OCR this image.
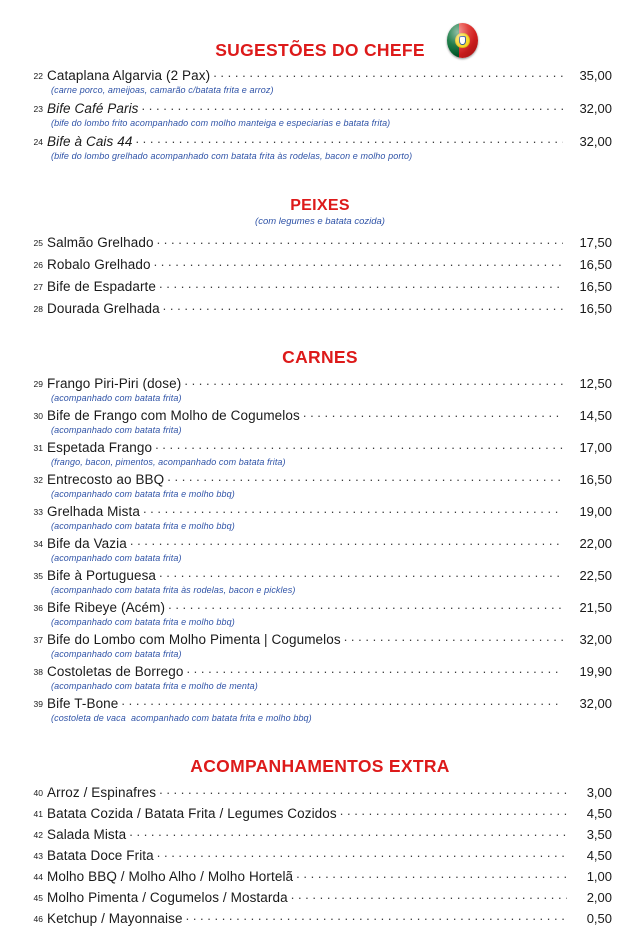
SUGESTÕES DO CHEFE
22 Cataplana Algarvia (2 Pax) . . .	35,00
(carne porco, ameijoas, camarão c/batata frita e arroz)
23 Bife Café Paris . . .	32,00
(bife do lombo frito acompanhado com molho manteiga e especiarias e batata frita)
24 Bife à Cais 44 . . .	32,00
(bife do lombo grelhado acompanhado com batata frita às rodelas, bacon e molho porto)
PEIXES
(com legumes e batata cozida)
25 Salmão Grelhado . . .	17,50
26 Robalo Grelhado . . .	16,50
27 Bife de Espadarte . . .	16,50
28 Dourada Grelhada . . .	16,50
CARNES
29 Frango Piri-Piri (dose) . . .	12,50
(acompanhado com batata frita)
30 Bife de Frango com Molho de Cogumelos . . .	14,50
(acompanhado com batata frita)
31 Espetada Frango . . .	17,00
(frango, bacon, pimentos, acompanhado com batata frita)
32 Entrecosto ao BBQ . . .	16,50
(acompanhado com batata frita e molho bbq)
33 Grelhada Mista . . .	19,00
(acompanhado com batata frita e molho bbq)
34 Bife da Vazia . . .	22,00
(acompanhado com batata frita)
35 Bife à Portuguesa . . .	22,50
(acompanhado com batata frita às rodelas, bacon e pickles)
36 Bife Ribeye (Acém) . . .	21,50
(acompanhado com batata frita e molho bbq)
37 Bife do Lombo com Molho Pimenta | Cogumelos . . .	32,00
(acompanhado com batata frita)
38 Costoletas de Borrego . . .	19,90
(acompanhado com batata frita e molho de menta)
39 Bife T-Bone . . .	32,00
(costoleta de vaca  acompanhado com batata frita e molho bbq)
ACOMPANHAMENTOS EXTRA
40 Arroz / Espinafres . . .	3,00
41 Batata Cozida / Batata Frita / Legumes Cozidos . . .	4,50
42 Salada Mista . . .	3,50
43 Batata Doce Frita . . .	4,50
44 Molho BBQ / Molho Alho / Molho Hortelã . . .	1,00
45 Molho Pimenta / Cogumelos / Mostarda . . .	2,00
46 Ketchup / Mayonnaise . . .	0,50
